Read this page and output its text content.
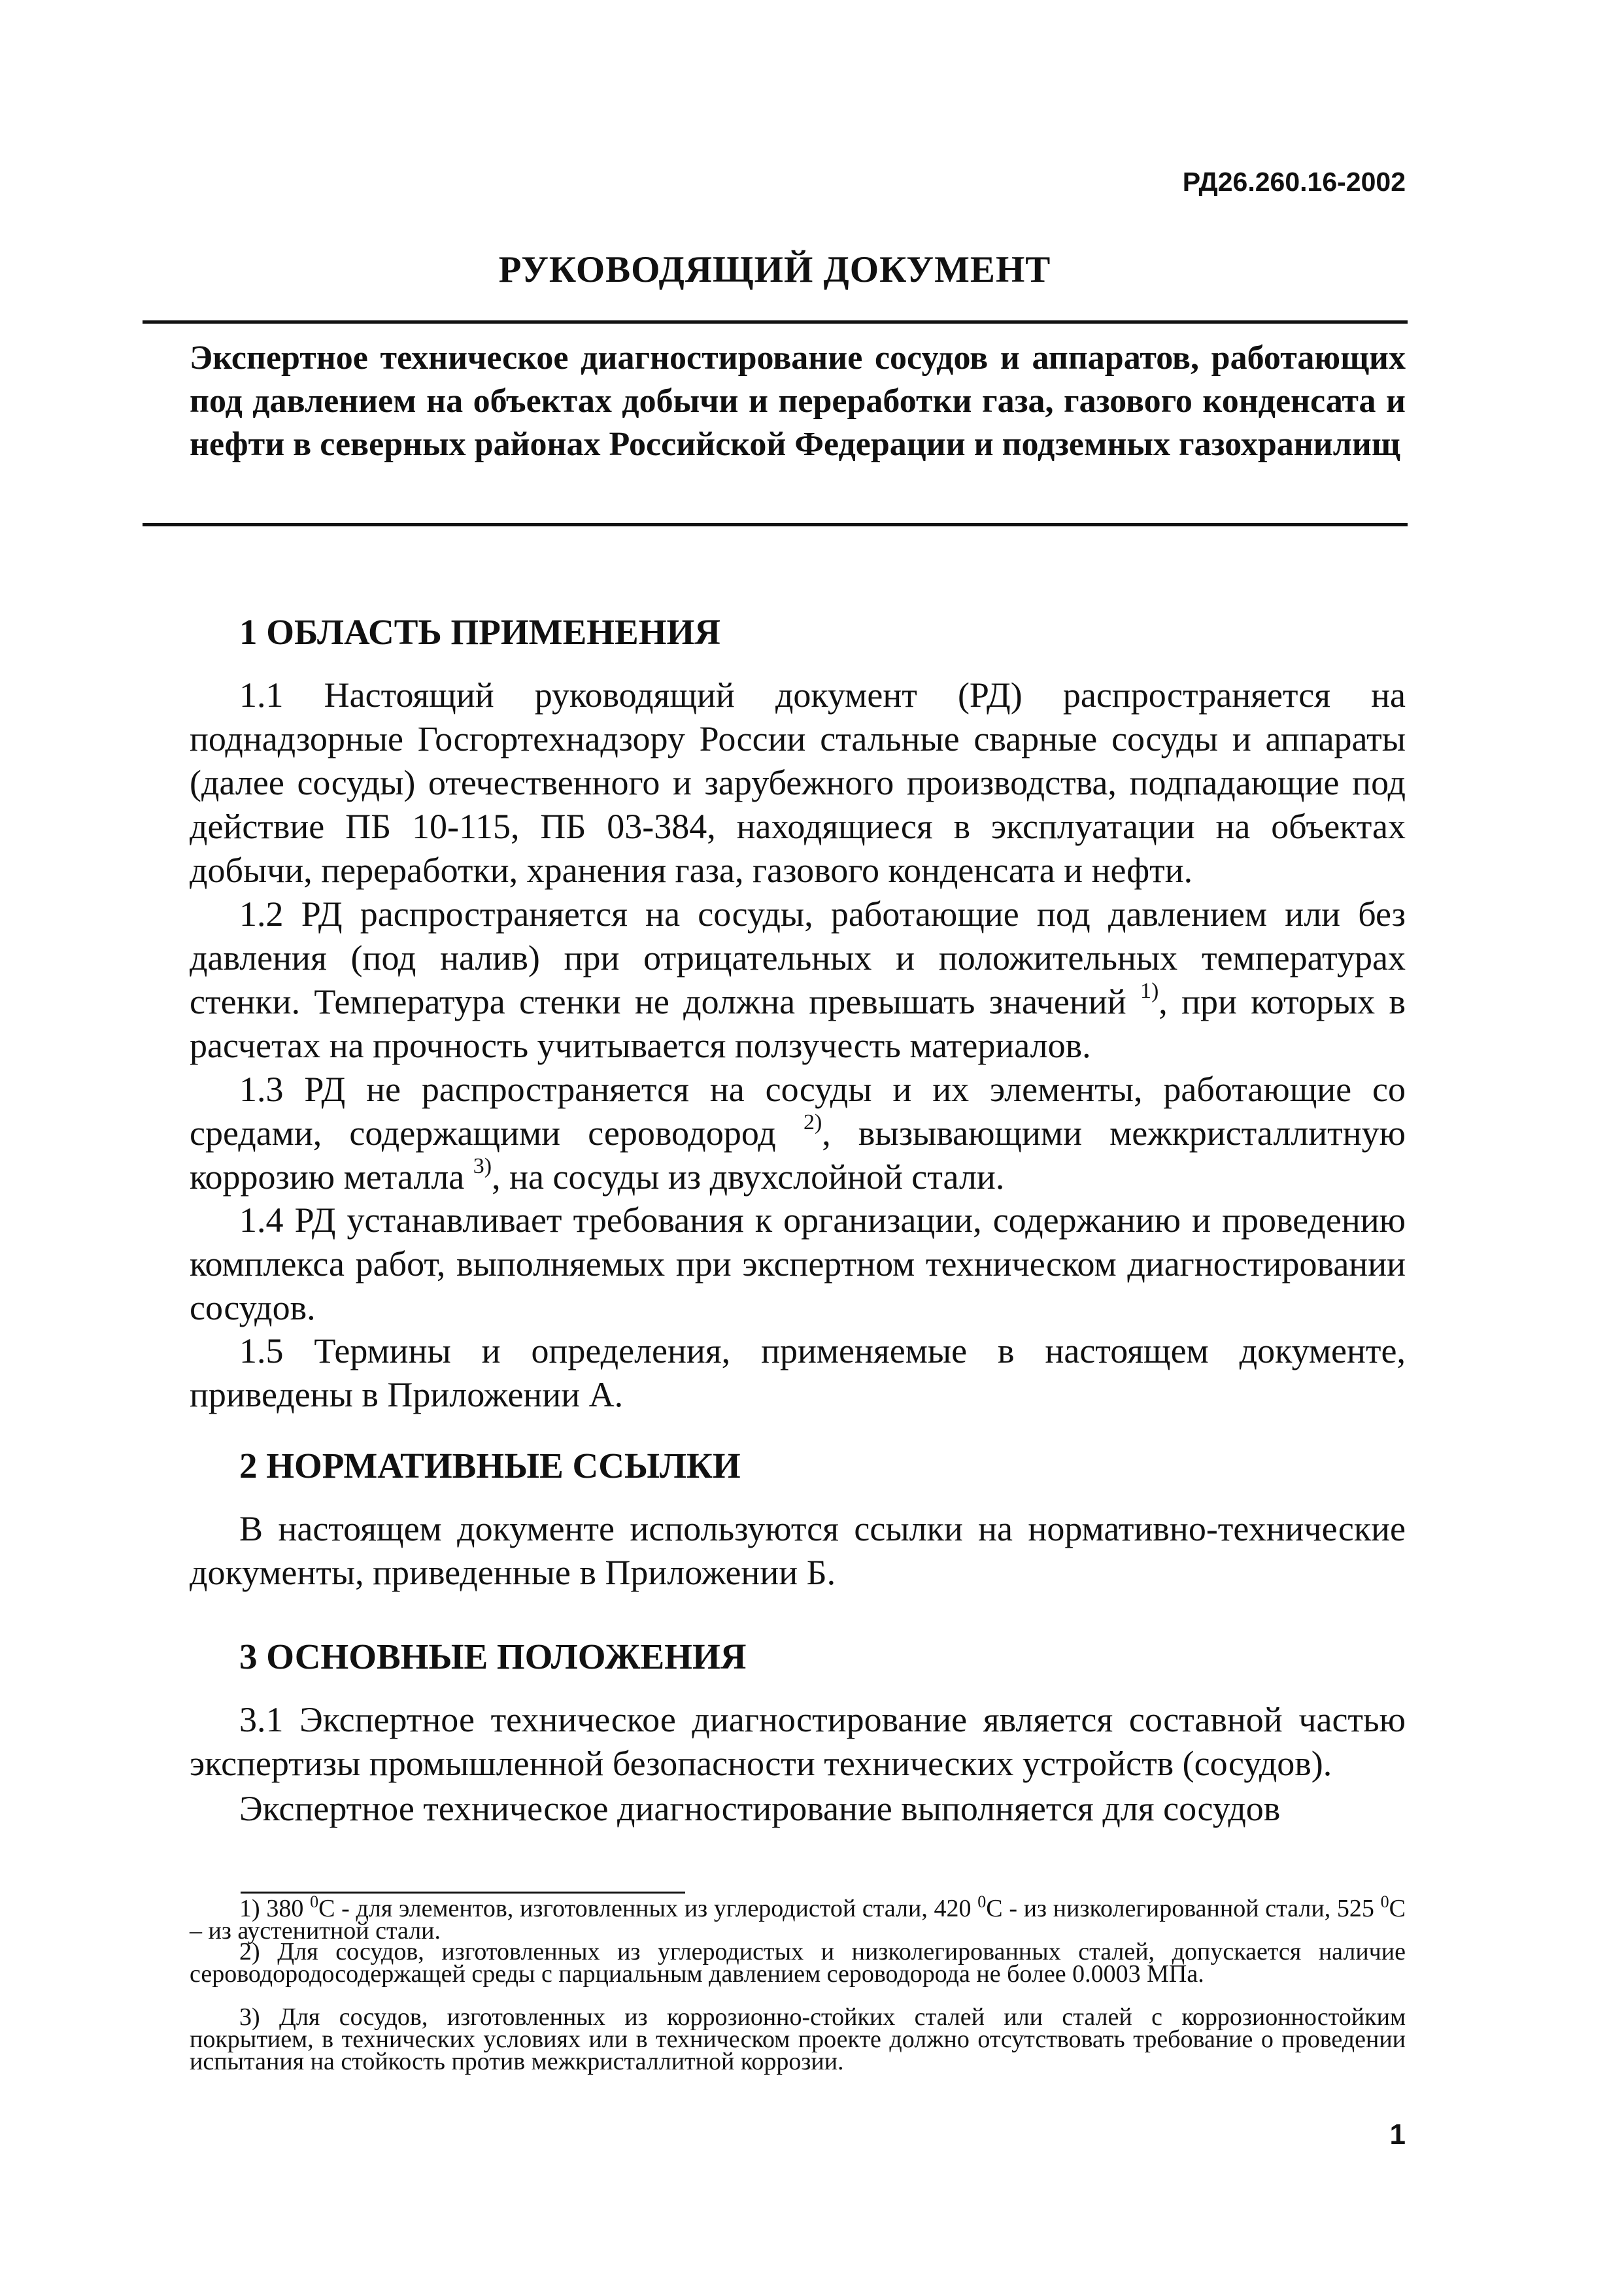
РД26.260.16-2002
РУКОВОДЯЩИЙ ДОКУМЕНТ
Экспертное техническое диагностирование сосудов и аппаратов, работающих под давлением на объектах добычи и переработки газа, газового конденсата и нефти в северных районах Российской Федерации и подземных газохранилищ
1 ОБЛАСТЬ ПРИМЕНЕНИЯ
1.1 Настоящий руководящий документ (РД) распространяется на поднадзорные Госгортехнадзору России стальные сварные сосуды и аппараты (далее сосуды) отечественного и зарубежного производства, подпадающие под действие ПБ 10-115, ПБ 03-384, находящиеся в эксплуатации на объектах добычи, переработки, хранения газа, газового конденсата и нефти.
1.2 РД распространяется на сосуды, работающие под давлением или без давления (под налив) при отрицательных и положительных температурах стенки. Температура стенки не должна превышать значений $^{1)}$, при которых в расчетах на прочность учитывается ползучесть материалов.
1.3 РД не распространяется на сосуды и их элементы, работающие со средами, содержащими сероводород $^{2)}$, вызывающими межкристаллитную коррозию металла $^{3)}$, на сосуды из двухслойной стали.
1.4 РД устанавливает требования к организации, содержанию и проведению комплекса работ, выполняемых при экспертном техническом диагностировании сосудов.
1.5 Термины и определения, применяемые в настоящем документе, приведены в Приложении А.
2 НОРМАТИВНЫЕ ССЫЛКИ
В настоящем документе используются ссылки на нормативно-технические документы, приведенные в Приложении Б.
3 ОСНОВНЫЕ ПОЛОЖЕНИЯ
3.1 Экспертное техническое диагностирование является составной частью экспертизы промышленной безопасности технических устройств (сосудов).
Экспертное техническое диагностирование выполняется для сосудов
1) 380 $^0$С - для элементов, изготовленных из углеродистой стали, 420 $^0$С - из низколегированной стали, 525 $^0$С – из аустенитной стали.
2) Для сосудов, изготовленных из углеродистых и низколегированных сталей, допускается наличие сероводородосодержащей среды с парциальным давлением сероводорода не более 0.0003 МПа.
3) Для сосудов, изготовленных из коррозионно-стойких сталей или сталей с коррозионностойким покрытием, в технических условиях или в техническом проекте должно отсутствовать требование о проведении испытания на стойкость против межкристаллитной коррозии.
1
